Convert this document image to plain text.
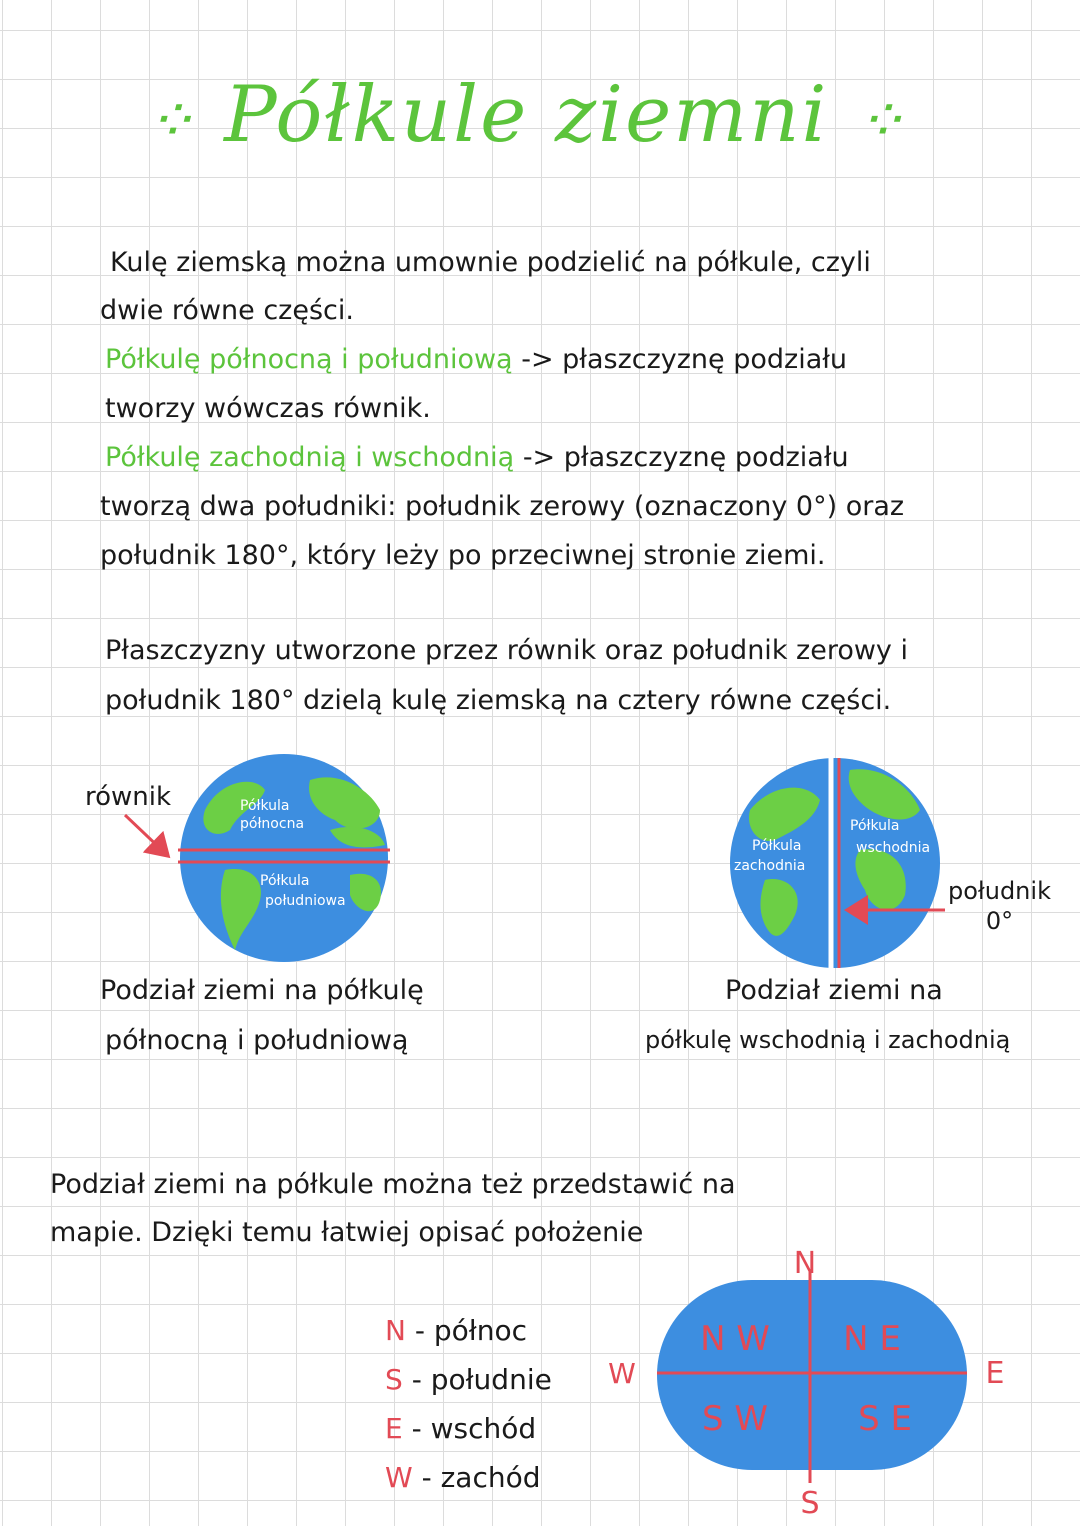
⁘ Półkule ziemni ⁘
Kulę ziemską można umownie podzielić na półkule, czyli
dwie równe części.
Półkulę północną i południową -> płaszczyznę podziału
tworzy wówczas równik.
Półkulę zachodnią i wschodnią -> płaszczyznę podziału
tworzą dwa południki: południk zerowy (oznaczony 0°) oraz
południk 180°, który leży po przeciwnej stronie ziemi.
Płaszczyzny utworzone przez równik oraz południk zerowy i
południk 180° dzielą kulę ziemską na cztery równe części.
Półkula
północna
Półkula
południowa
równik
Podział ziemi na półkulę
północną i południową
Półkula
zachodnia
Półkula
wschodnia
południk
0°
Podział ziemi na
półkulę wschodnią i zachodnią
Podział ziemi na półkule można też przedstawić na
mapie. Dzięki temu łatwiej opisać położenie
N - północ
S - południe
E - wschód
W - zachód
N
S
W	E
N W N E
S W	S E
